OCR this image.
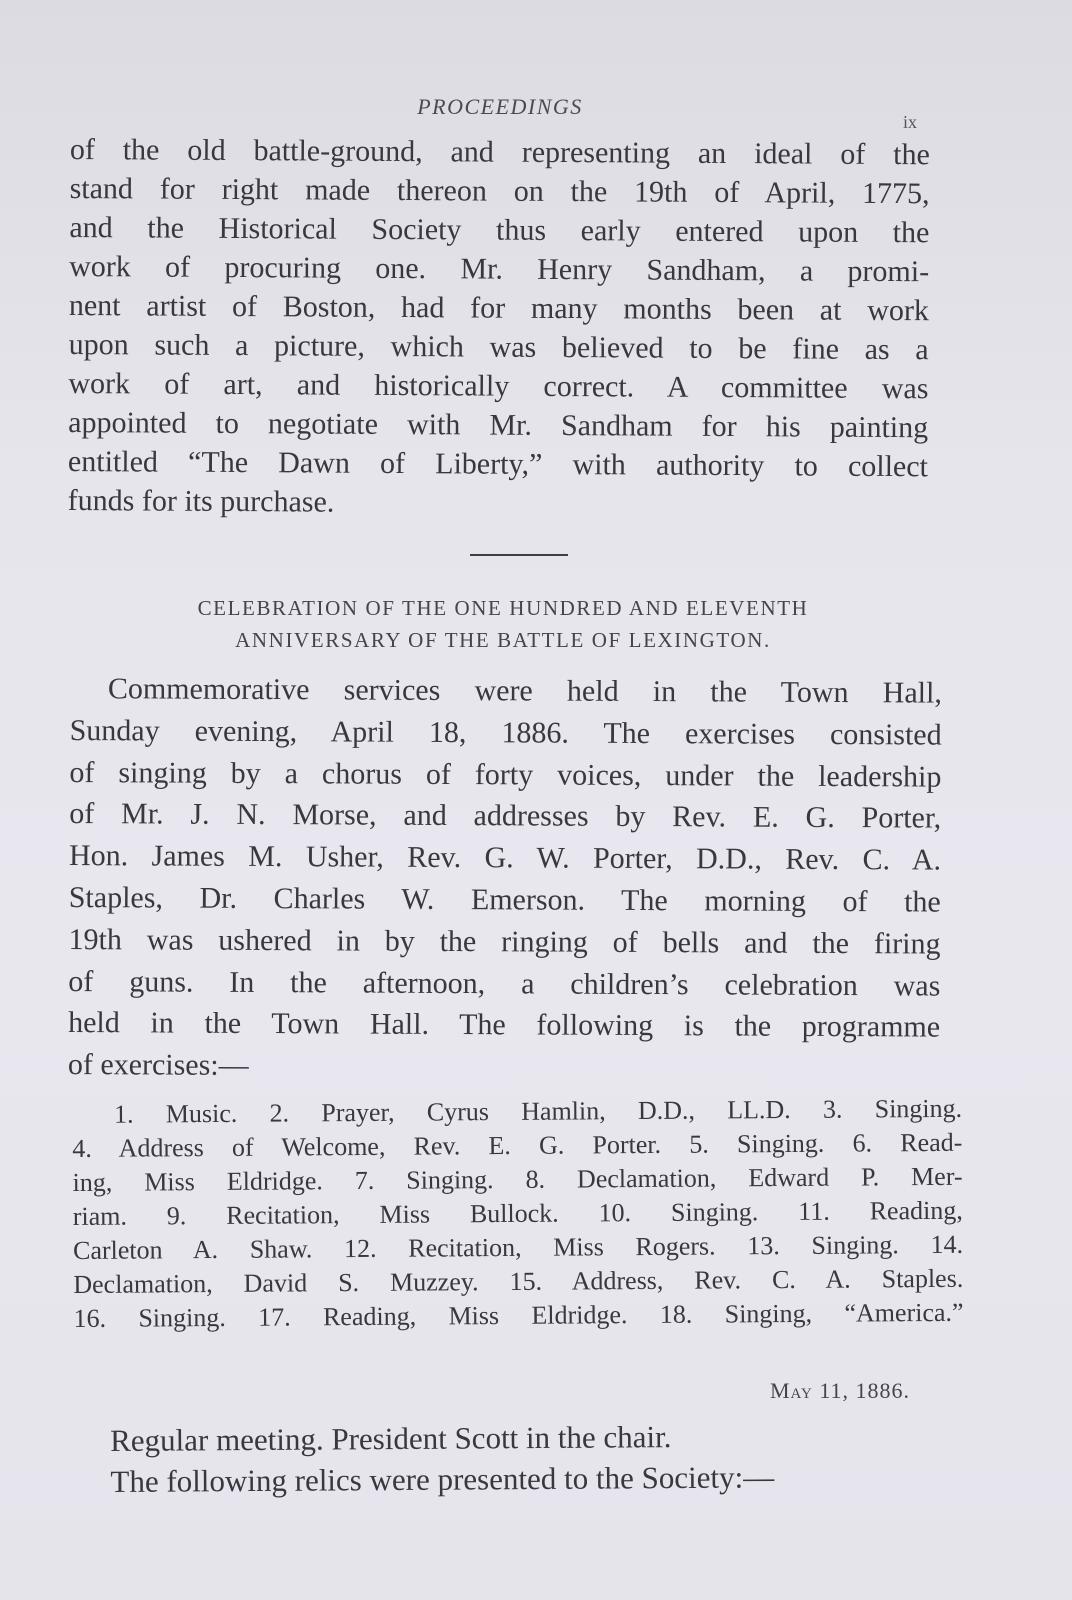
PROCEEDINGS
ix
of the old battle-ground, and representing an ideal of the
stand for right made thereon on the 19th of April, 1775,
and the Historical Society thus early entered upon the
work of procuring one. Mr. Henry Sandham, a promi-
nent artist of Boston, had for many months been at work
upon such a picture, which was believed to be fine as a
work of art, and historically correct. A committee was
appointed to negotiate with Mr. Sandham for his painting
entitled “The Dawn of Liberty,” with authority to collect
funds for its purchase.
CELEBRATION OF THE ONE HUNDRED AND ELEVENTH
ANNIVERSARY OF THE BATTLE OF LEXINGTON.
Commemorative services were held in the Town Hall,
Sunday evening, April 18, 1886. The exercises consisted
of singing by a chorus of forty voices, under the leadership
of Mr. J. N. Morse, and addresses by Rev. E. G. Porter,
Hon. James M. Usher, Rev. G. W. Porter, D.D., Rev. C. A.
Staples, Dr. Charles W. Emerson. The morning of the
19th was ushered in by the ringing of bells and the firing
of guns. In the afternoon, a children’s celebration was
held in the Town Hall. The following is the programme
of exercises:—
1. Music. 2. Prayer, Cyrus Hamlin, D.D., LL.D. 3. Singing.
4. Address of Welcome, Rev. E. G. Porter. 5. Singing. 6. Read-
ing, Miss Eldridge. 7. Singing. 8. Declamation, Edward P. Mer-
riam. 9. Recitation, Miss Bullock. 10. Singing. 11. Reading,
Carleton A. Shaw. 12. Recitation, Miss Rogers. 13. Singing. 14.
Declamation, David S. Muzzey. 15. Address, Rev. C. A. Staples.
16. Singing. 17. Reading, Miss Eldridge. 18. Singing, “America.”
May 11, 1886.
Regular meeting. President Scott in the chair.
The following relics were presented to the Society:—
